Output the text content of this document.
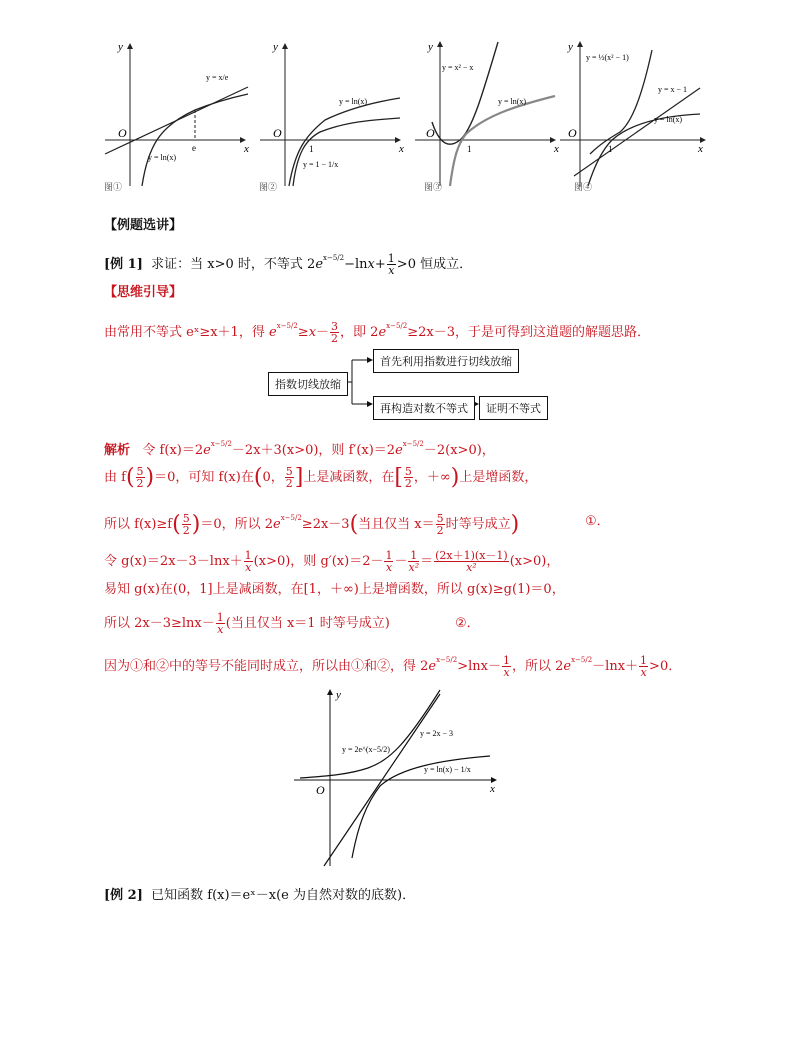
y
x
O
y = x/e
y = ln(x)
e
图①
y
x
O
y = ln(x)
y = 1 − 1/x
1
图②
y
x
O
y = x² − x
y = ln(x)
1
图③
y
x
O
y = ½(x² − 1)
y = x − 1
y = ln(x)
1
图④
【例题选讲】
[例 1] 求证：当 x>0 时，不等式 $2e^{x-5/2}-\ln x+ \frac{1}{x} >0$ 恒成立．
【思维引导】
由常用不等式 eˣ≥x＋1，得 $e^{x-5/2}\ge x- \frac{3}{2}$ ，即 $2e^{x-5/2}\ge 2x-3$，于是可得到这道题的解题思路．
指数切线放缩
首先利用指数进行切线放缩
再构造对数不等式	证明不等式
解析 令 $f(x)=2e^{x-5/2}-2x+3(x>0)$，则 $f'(x)=2e^{x-5/2}-2(x>0)$，
由 $f( \frac{5}{2} )=0$，可知 f(x)在(0， $\frac{5}{2}$ ]上是减函数，在[ $\frac{5}{2}$ ，＋∞)上是增函数，
所以 $f(x)\ge f( \frac{5}{2} )=0$，所以 $2e^{x-5/2}\ge 2x-3$(当且仅当 $x= \frac{5}{2}$ 时等号成立)	①．
令 $g(x)=2x-3-\ln x+ \frac{1}{x} (x>0)$，则 $g'(x)=2- \frac{1}{x} - \frac{1}{\text{x²}} = \frac{(2x+1)(x-1)}{\text{x²}} (x>0)$，
易知 g(x)在(0，1]上是减函数，在[1，＋∞)上是增函数，所以 g(x)≥g(1)＝0，
所以 $2x-3\ge\ln x- \frac{1}{x}$ (当且仅当 x＝1 时等号成立)	②．
因为①和②中的等号不能同时成立，所以由①和②，得 $2e^{x-5/2}>\ln x- \frac{1}{x}$ ，所以 $2e^{x-5/2}-\ln x+ \frac{1}{x} >0$．
y
x
O
y = 2e^(x−5/2)
y = 2x − 3
y = ln(x) − 1/x
[例 2] 已知函数 f(x)＝eˣ－x(e 为自然对数的底数)．
